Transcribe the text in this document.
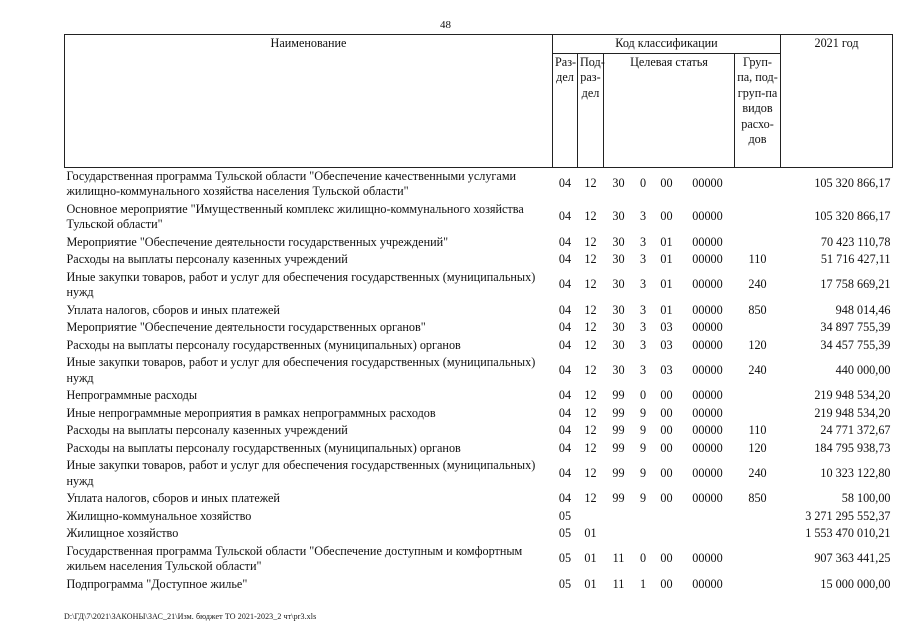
48
Наименование	Код классификации							2021 год
	Раз-дел	Под-раз-дел	Целевая статья				Груп-па, под-груп-па видов расхо-дов	
Государственная программа Тульской области "Обеспечение качественными услугами жилищно-коммунального хозяйства населения Тульской области"	04	12	30	0	00	00000		105 320 866,17
Основное мероприятие "Имущественный комплекс жилищно-коммунального хозяйства Тульской области"	04	12	30	3	00	00000		105 320 866,17
Мероприятие "Обеспечение деятельности государственных учреждений"	04	12	30	3	01	00000		70 423 110,78
Расходы на выплаты персоналу казенных учреждений	04	12	30	3	01	00000	110	51 716 427,11
Иные закупки товаров, работ и услуг для обеспечения государственных (муниципальных) нужд	04	12	30	3	01	00000	240	17 758 669,21
Уплата налогов, сборов и иных платежей	04	12	30	3	01	00000	850	948 014,46
Мероприятие "Обеспечение деятельности государственных органов"	04	12	30	3	03	00000		34 897 755,39
Расходы на выплаты персоналу государственных (муниципальных) органов	04	12	30	3	03	00000	120	34 457 755,39
Иные закупки товаров, работ и услуг для обеспечения государственных (муниципальных) нужд	04	12	30	3	03	00000	240	440 000,00
Непрограммные расходы	04	12	99	0	00	00000		219 948 534,20
Иные непрограммные мероприятия в рамках непрограммных расходов	04	12	99	9	00	00000		219 948 534,20
Расходы на выплаты персоналу казенных учреждений	04	12	99	9	00	00000	110	24 771 372,67
Расходы на выплаты персоналу государственных (муниципальных) органов	04	12	99	9	00	00000	120	184 795 938,73
Иные закупки товаров, работ и услуг для обеспечения государственных (муниципальных) нужд	04	12	99	9	00	00000	240	10 323 122,80
Уплата налогов, сборов и иных платежей	04	12	99	9	00	00000	850	58 100,00
Жилищно-коммунальное хозяйство	05							3 271 295 552,37
Жилищное хозяйство	05	01						1 553 470 010,21
Государственная программа Тульской области "Обеспечение доступным и комфортным жильем населения Тульской области"	05	01	11	0	00	00000		907 363 441,25
Подпрограмма "Доступное жилье"	05	01	11	1	00	00000		15 000 000,00
D:\ГД\7\2021\ЗАКОНЫ\ЗАС_21\Изм. бюджет ТО 2021-2023_2 чт\pr3.xls
